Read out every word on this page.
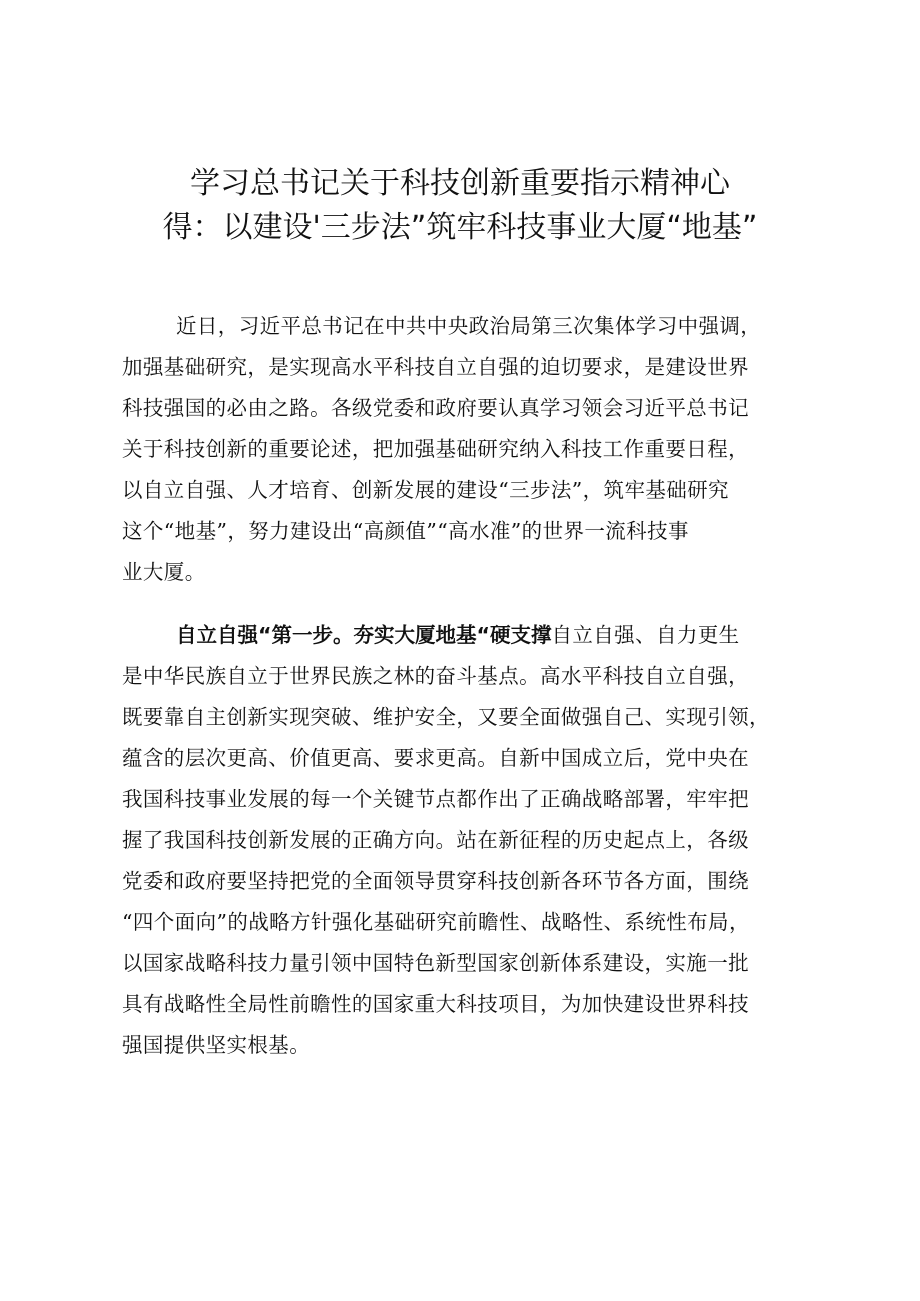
学习总书记关于科技创新重要指示精神心
得：以建设'三步法”筑牢科技事业大厦“地基”
近日，习近平总书记在中共中央政治局第三次集体学习中强调，
加强基础研究，是实现高水平科技自立自强的迫切要求，是建设世界
科技强国的必由之路。各级党委和政府要认真学习领会习近平总书记
关于科技创新的重要论述，把加强基础研究纳入科技工作重要日程，
以自立自强、人才培育、创新发展的建设“三步法”，筑牢基础研究
这个“地基”，努力建设出“高颜值”“高水准”的世界一流科技事
业大厦。
自立自强“第一步。夯实大厦地基“硬支撑自立自强、自力更生
是中华民族自立于世界民族之林的奋斗基点。高水平科技自立自强，
既要靠自主创新实现突破、维护安全，又要全面做强自己、实现引领，
蕴含的层次更高、价值更高、要求更高。自新中国成立后，党中央在
我国科技事业发展的每一个关键节点都作出了正确战略部署，牢牢把
握了我国科技创新发展的正确方向。站在新征程的历史起点上，各级
党委和政府要坚持把党的全面领导贯穿科技创新各环节各方面，围绕
“四个面向”的战略方针强化基础研究前瞻性、战略性、系统性布局，
以国家战略科技力量引领中国特色新型国家创新体系建设，实施一批
具有战略性全局性前瞻性的国家重大科技项目，为加快建设世界科技
强国提供坚实根基。
